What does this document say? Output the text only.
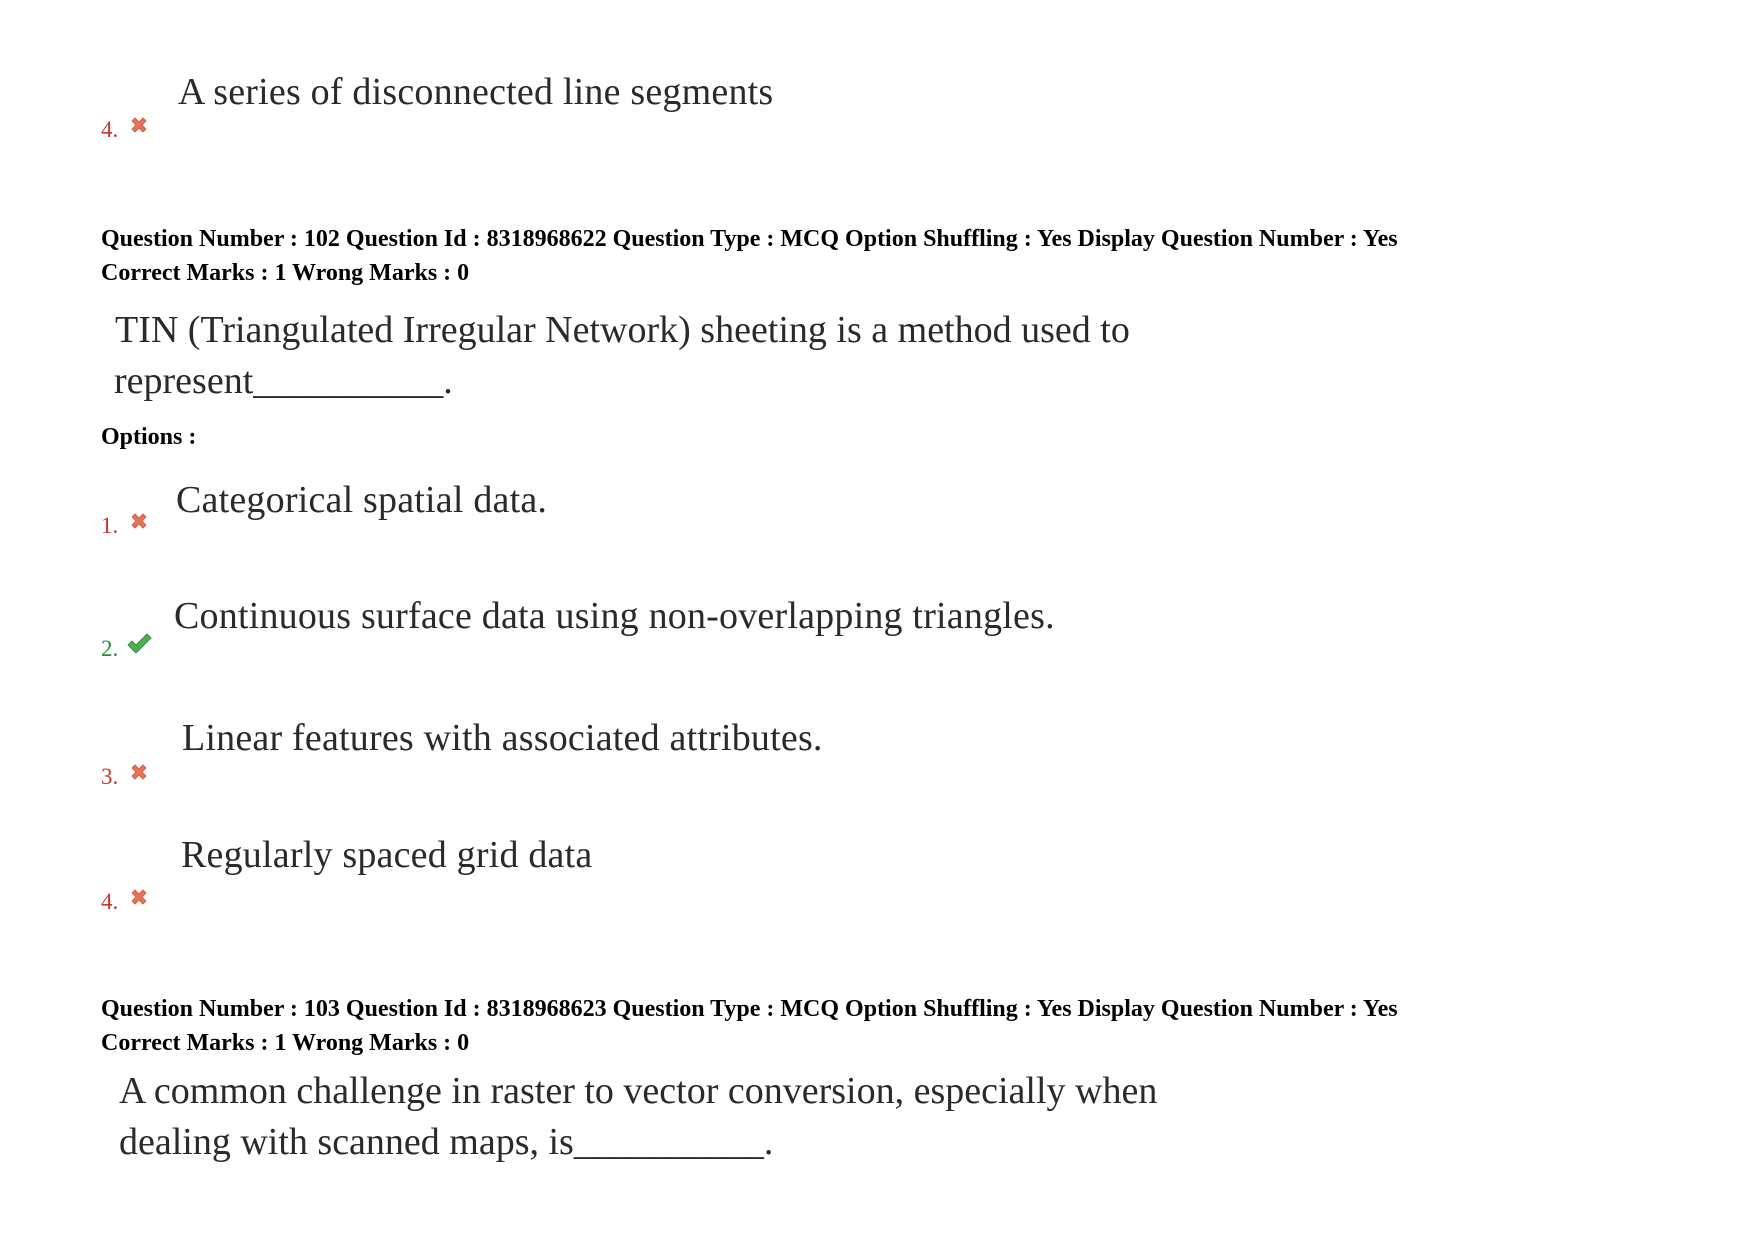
A series of disconnected line segments
4.
Question Number : 102 Question Id : 8318968622 Question Type : MCQ Option Shuffling : Yes Display Question Number : Yes
Correct Marks : 1 Wrong Marks : 0
TIN (Triangulated Irregular Network) sheeting is a method used to
represent__________.
Options :
Categorical spatial data.
1.
Continuous surface data using non-overlapping triangles.
2.
Linear features with associated attributes.
3.
Regularly spaced grid data
4.
Question Number : 103 Question Id : 8318968623 Question Type : MCQ Option Shuffling : Yes Display Question Number : Yes
Correct Marks : 1 Wrong Marks : 0
A common challenge in raster to vector conversion, especially when
dealing with scanned maps, is__________.
